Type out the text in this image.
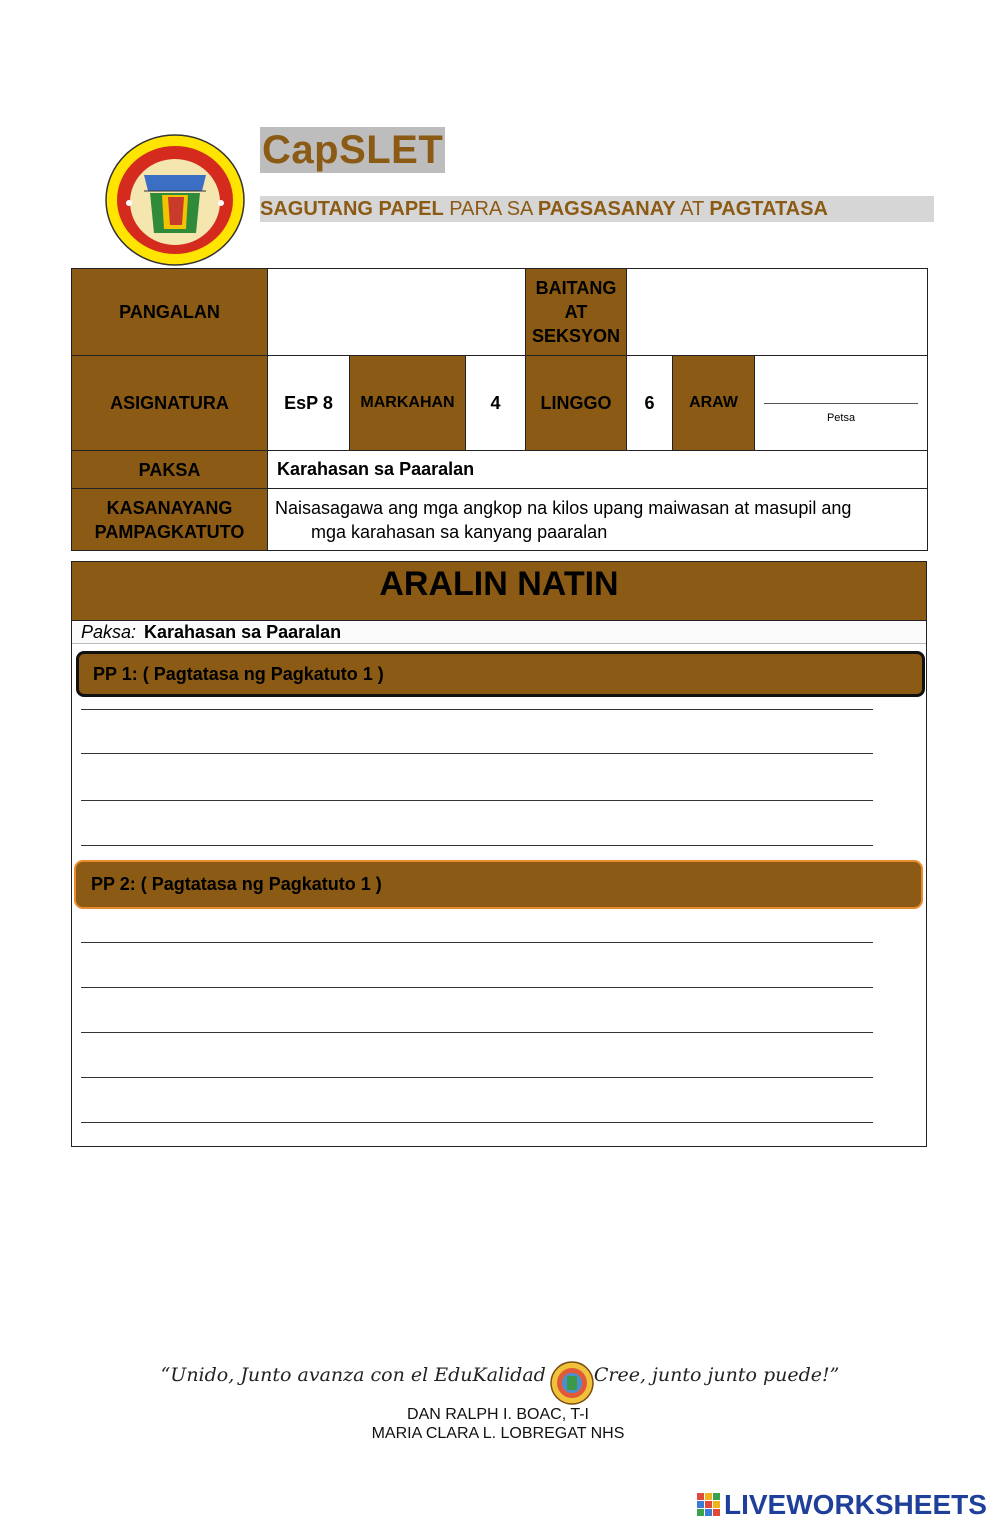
CapSLET
SAGUTANG PAPEL PARA SA PAGSASANAY AT PAGTATASA
PANGALAN				BAITANG AT SEKSYON			
ASIGNATURA	EsP 8	MARKAHAN	4	LINGGO	6	ARAW	Petsa

PAKSA	Karahasan sa Paaralan						
KASANAYANG PAMPAGKATUTO	Naisasagawa ang mga angkop na kilos upang maiwasan at masupil ang
mga karahasan sa kanyang paaralan						
ARALIN NATIN
Paksa: Karahasan sa Paaralan
PP 1: ( Pagtatasa ng Pagkatuto 1 )
PP 2: ( Pagtatasa ng Pagkatuto 1 )
“Unido, Junto avanza con el EduKalidad	Cree, junto junto puede!”
DAN RALPH I. BOAC, T-I
MARIA CLARA L. LOBREGAT NHS
LIVEWORKSHEETS
